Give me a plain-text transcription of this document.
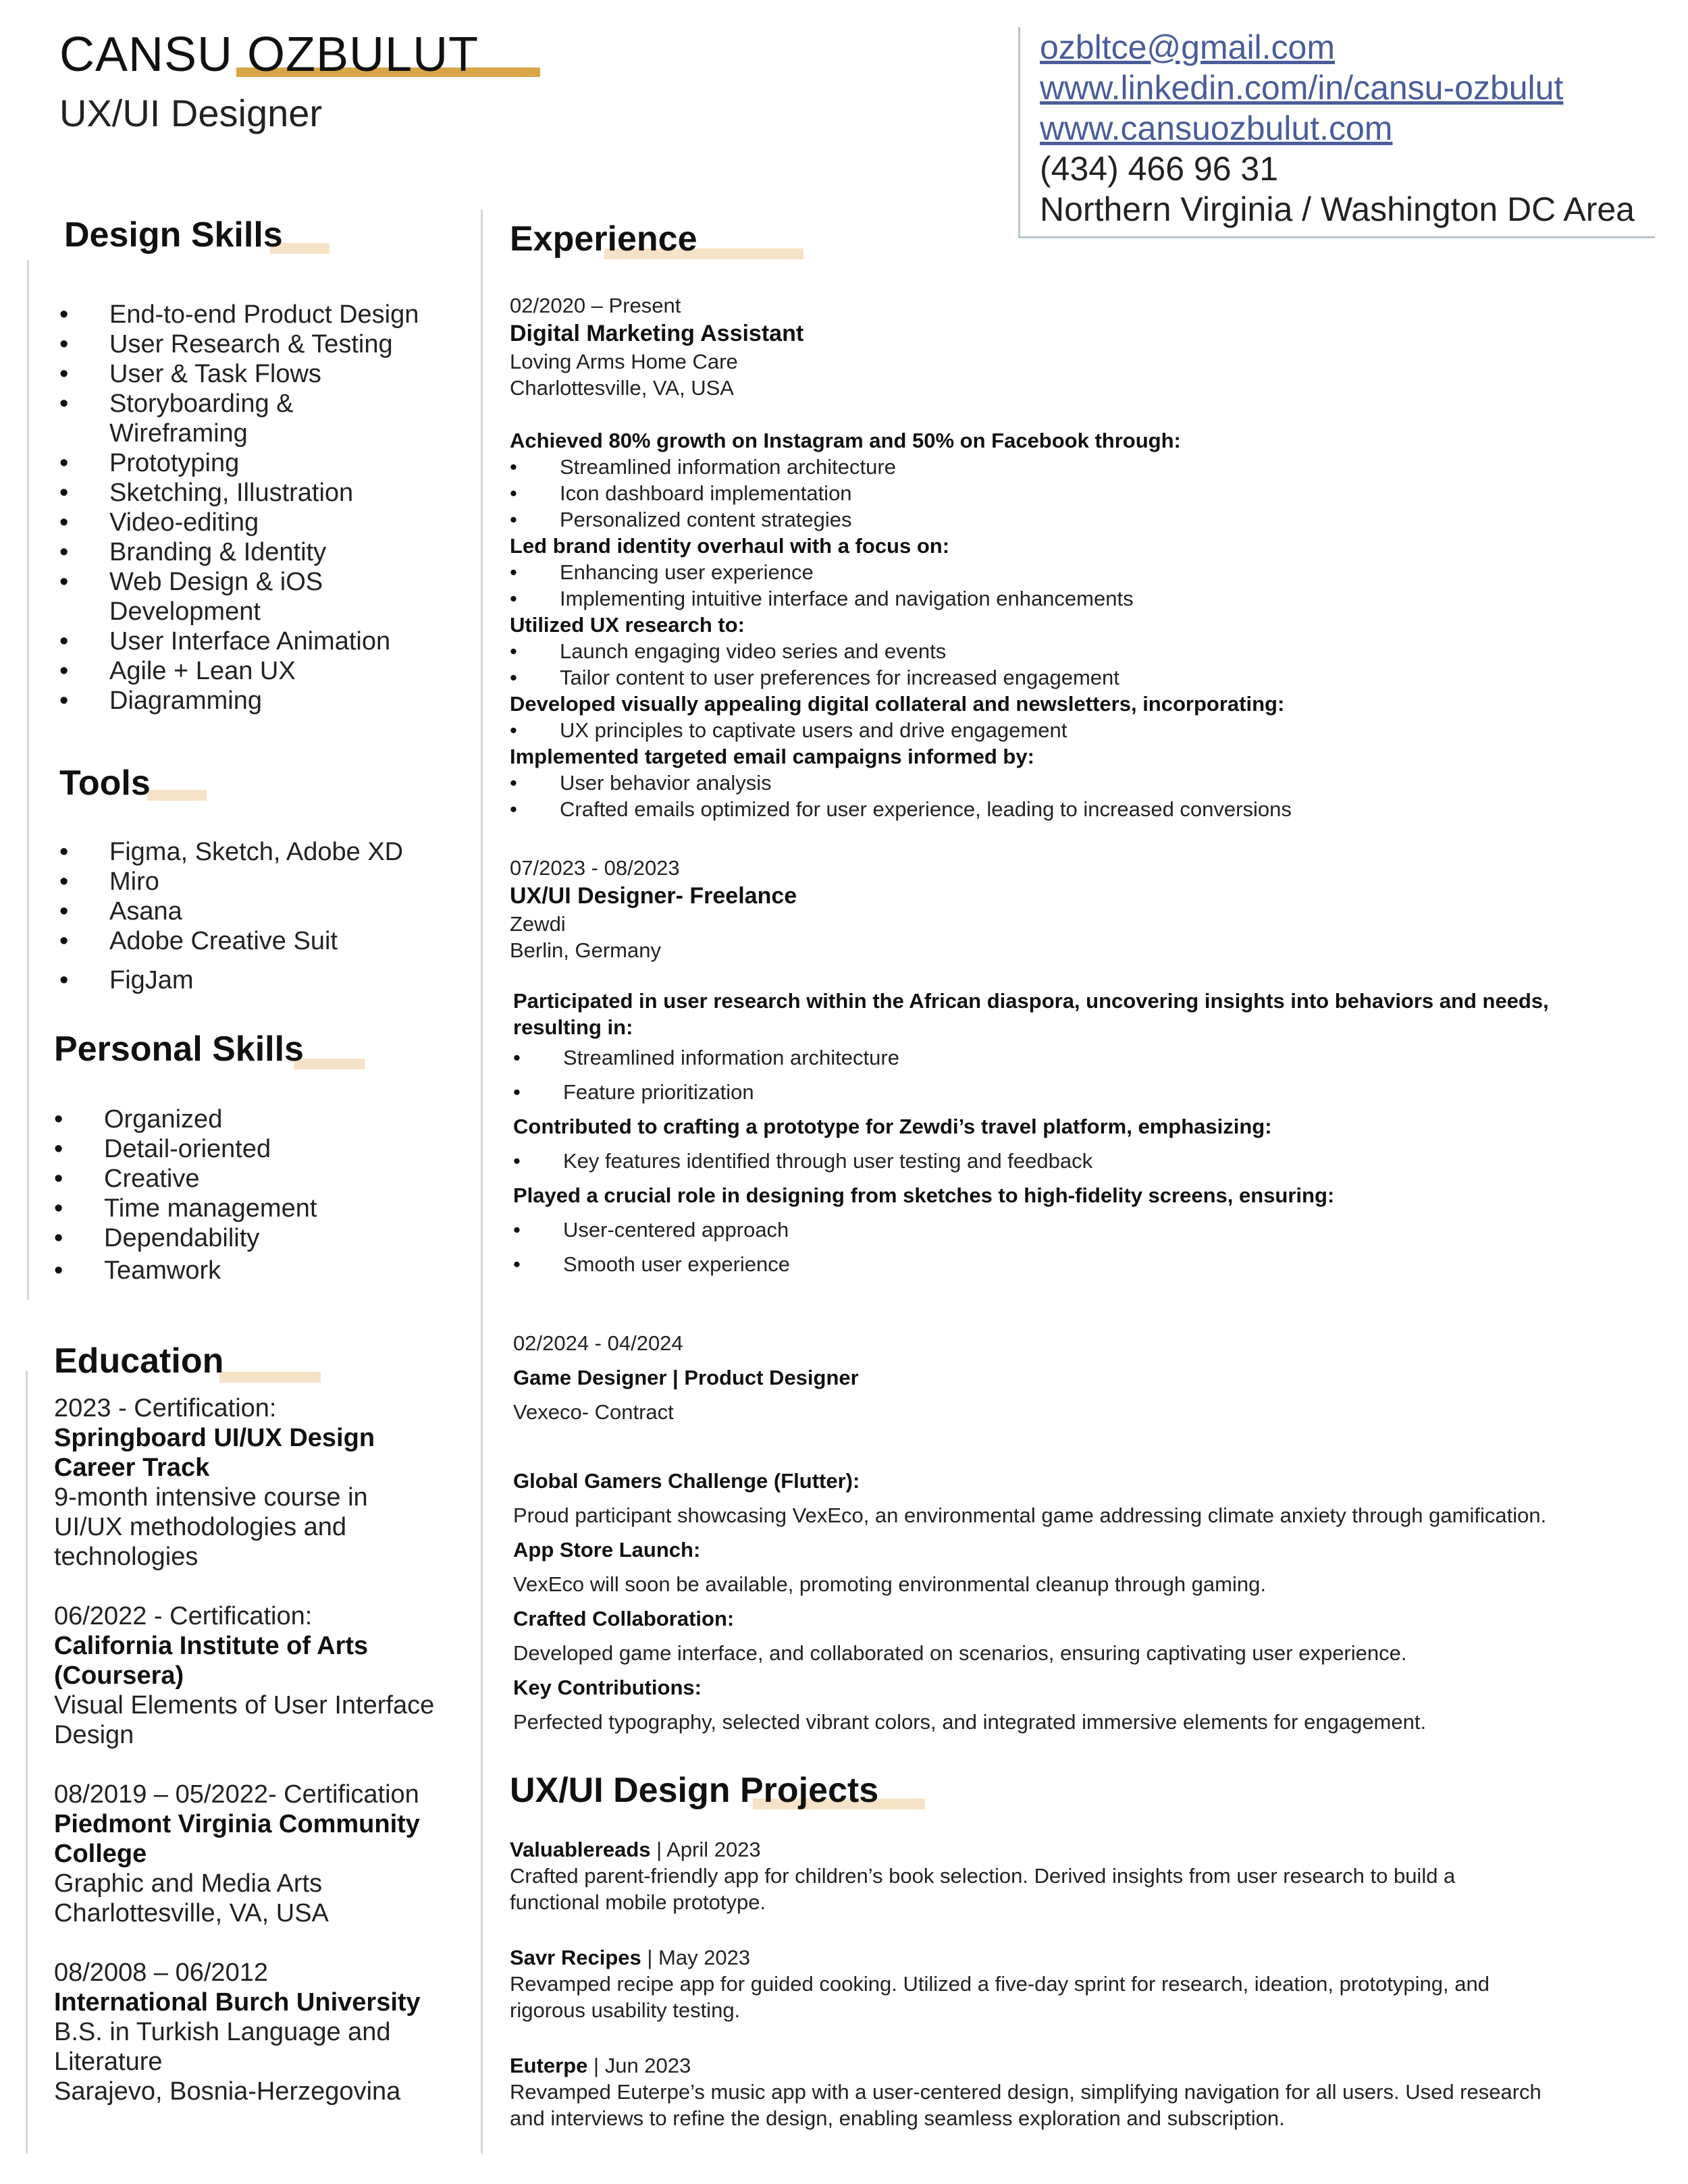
CANSU OZBULUT
UX/UI Designer
ozbltce@gmail.com
www.linkedin.com/in/cansu-ozbulut
www.cansuozbulut.com
(434) 466 96 31
Northern Virginia / Washington DC Area
Design Skills
• End-to-end Product Design
• User Research & Testing
• User & Task Flows
• Storyboarding &
Wireframing
• Prototyping
• Sketching, Illustration
• Video-editing
• Branding & Identity
• Web Design & iOS
Development
• User Interface Animation
• Agile + Lean UX
• Diagramming
Tools
• Figma, Sketch, Adobe XD
• Miro
• Asana
• Adobe Creative Suit
• FigJam
Personal Skills
• Organized
• Detail-oriented
• Creative
• Time management
• Dependability
• Teamwork
Education

2023 - Certification:

Springboard UI/UX Design

Career Track

9-month intensive course in

UI/UX methodologies and

technologies

06/2022 - Certification:

California Institute of Arts

(Coursera)

Visual Elements of User Interface

Design

08/2019 – 05/2022- Certification

Piedmont Virginia Community

College

Graphic and Media Arts

Charlottesville, VA, USA

08/2008 – 06/2012

International Burch University

B.S. in Turkish Language and

Literature

Sarajevo, Bosnia-Herzegovina

Experience
02/2020 – Present
Digital Marketing Assistant
Loving Arms Home Care
Charlottesville, VA, USA
Achieved 80% growth on Instagram and 50% on Facebook through:
• Streamlined information architecture
• Icon dashboard implementation
• Personalized content strategies
Led brand identity overhaul with a focus on:
• Enhancing user experience
• Implementing intuitive interface and navigation enhancements
Utilized UX research to:
• Launch engaging video series and events
• Tailor content to user preferences for increased engagement
Developed visually appealing digital collateral and newsletters, incorporating:
• UX principles to captivate users and drive engagement
Implemented targeted email campaigns informed by:
• User behavior analysis
• Crafted emails optimized for user experience, leading to increased conversions
07/2023 - 08/2023
UX/UI Designer- Freelance
Zewdi
Berlin, Germany
Participated in user research within the African diaspora, uncovering insights into behaviors and needs,
resulting in:
• Streamlined information architecture
• Feature prioritization
Contributed to crafting a prototype for Zewdi’s travel platform, emphasizing:
• Key features identified through user testing and feedback
Played a crucial role in designing from sketches to high-fidelity screens, ensuring:
• User-centered approach
• Smooth user experience
02/2024 - 04/2024
Game Designer | Product Designer
Vexeco- Contract
Global Gamers Challenge (Flutter):
Proud participant showcasing VexEco, an environmental game addressing climate anxiety through gamification.
App Store Launch:
VexEco will soon be available, promoting environmental cleanup through gaming.
Crafted Collaboration:
Developed game interface, and collaborated on scenarios, ensuring captivating user experience.
Key Contributions:
Perfected typography, selected vibrant colors, and integrated immersive elements for engagement.
UX/UI Design Projects
Valuablereads | April 2023
Crafted parent-friendly app for children’s book selection. Derived insights from user research to build a
functional mobile prototype.
Savr Recipes | May 2023
Revamped recipe app for guided cooking. Utilized a five-day sprint for research, ideation, prototyping, and
rigorous usability testing.
Euterpe | Jun 2023
Revamped Euterpe’s music app with a user-centered design, simplifying navigation for all users. Used research
and interviews to refine the design, enabling seamless exploration and subscription.
